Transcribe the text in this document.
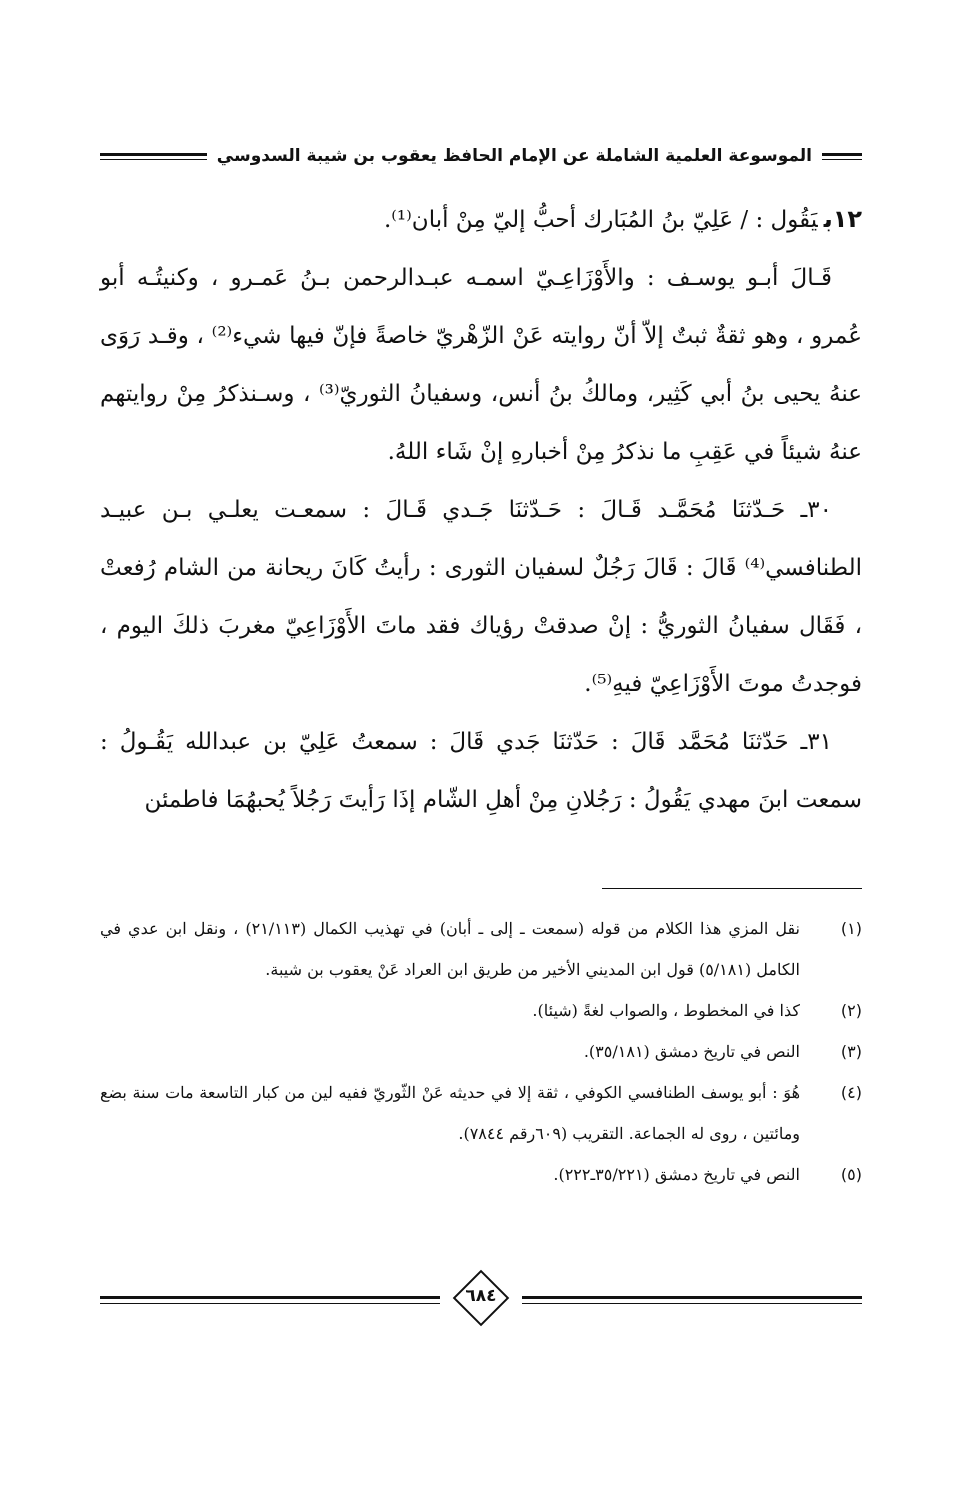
الموسوعة العلمية الشاملة عن الإمام الحافظ يعقوب بن شيبة السدوسي

١٢بيَقُول : / عَلِيّ بنُ المُبَارك أحبُّ إليّ مِنْ أبان⁽¹⁾.

قَـالَ أبـو يوسـف : والأَوْزَاعِـيّ اسمـه عبـدالرحمن بـنُ عَمـرو ، وكنيتُـه أبو عُمرو ، وهو ثقةٌ ثبتٌ إلاّ أنّ روايته عَنْ الزّهْريّ خاصةً فإنّ فيها شيء⁽²⁾ ، وقـد رَوَى عنهُ يحيى بنُ أبي كَثِير، ومالكُ بنُ أنس، وسفيانُ الثوريّ⁽³⁾ ، وسـنذكرُ مِنْ روايتهم عنهُ شيئاً في عَقِبِ ما نذكرُ مِنْ أخبارهِ إنْ شَاء اللهُ.

٣٠ـ حَـدّثنَا مُحَمَّـد قَـالَ : حَـدّثنَا جَـدي قَـالَ : سمعـت يعلـي بـن عبيـد الطنافسي⁽⁴⁾ قَالَ : قَالَ رَجُلٌ لسفيان الثورى : رأيتُ كَانَ ريحانة من الشام رُفعتْ ، فَقَال سفيانُ الثوريُّ : إنْ صدقتْ رؤياك فقد ماتَ الأَوْزَاعِيّ مغربَ ذلكَ اليوم ، فوجدتُ موتَ الأَوْزَاعِيّ فيهِ⁽⁵⁾.

٣١ـ حَدّثنَا مُحَمَّد قَالَ : حَدّثنَا جَدي قَالَ : سمعتُ عَلِيّ بن عبدالله يَقُـولُ : سمعت ابنَ مهدي يَقُولُ : رَجُلانِ مِنْ أهلِ الشّام إذَا رَأيتَ رَجُلاً يُحبهُمَا فاطمئن

(١)
نقل المزي هذا الكلام من قوله (سمعت ـ إلى ـ أبان) في تهذيب الكمال (٢١/١١٣) ، ونقل ابن عدي في الكامل (٥/١٨١) قول ابن المديني الأخير من طريق ابن العراد عَنْ يعقوب بن شيبة.
(٢)
كذا في المخطوط ، والصواب لغةً (شيئا).
(٣)
النص في تاريخ دمشق (٣٥/١٨١).
(٤)
هُوَ : أبو يوسف الطنافسي الكوفي ، ثقة إلا في حديثه عَنْ الثّوريّ ففيه لين من كبار التاسعة مات سنة بضع ومائتين ، روى له الجماعة. التقريب (٦٠٩رقم ٧٨٤٤).
(٥)
النص في تاريخ دمشق (٣٥/٢٢١ـ٢٢٢).
٦٨٤
